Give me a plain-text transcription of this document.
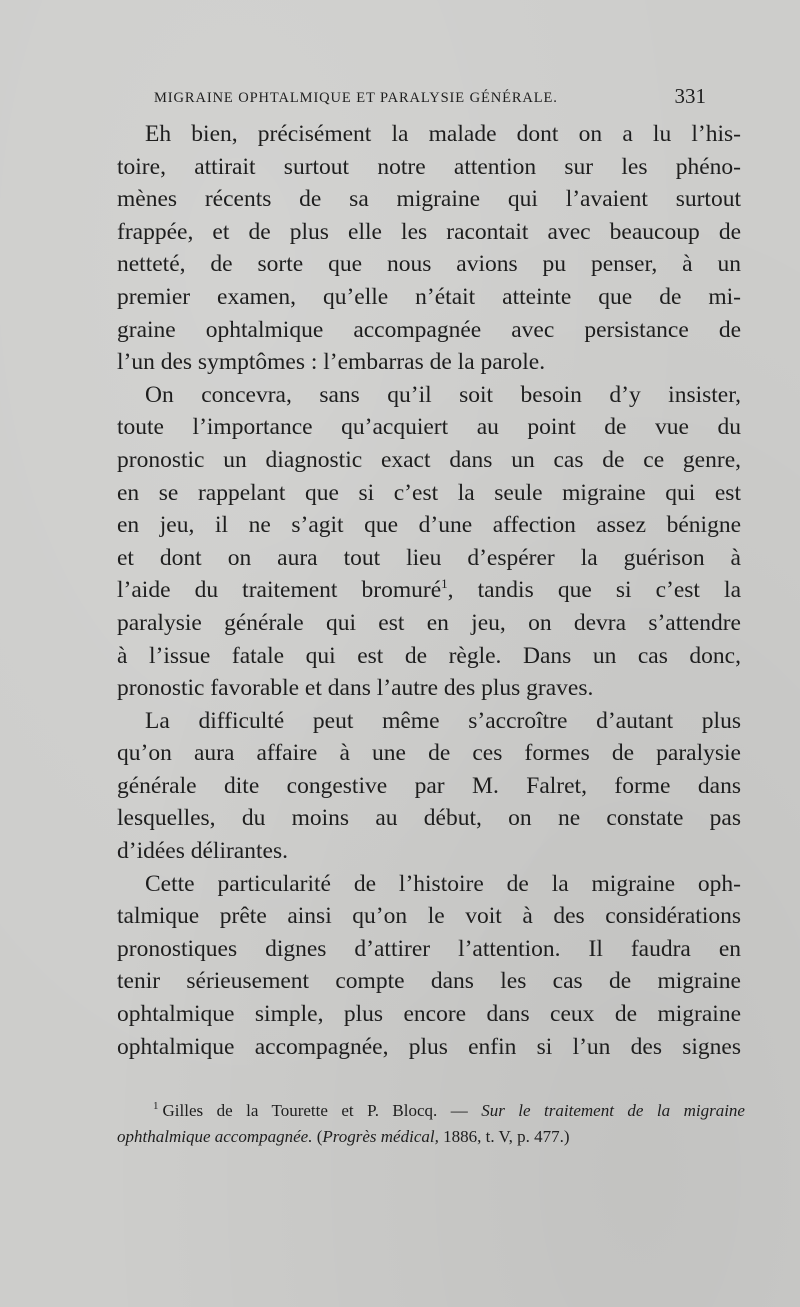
MIGRAINE OPHTALMIQUE ET PARALYSIE GÉNÉRALE.	331
Eh bien, précisément la malade dont on a lu l’his-
toire, attirait surtout notre attention sur les phéno-
mènes récents de sa migraine qui l’avaient surtout
frappée, et de plus elle les racontait avec beaucoup de
netteté, de sorte que nous avions pu penser, à un
premier examen, qu’elle n’était atteinte que de mi-
graine ophtalmique accompagnée avec persistance de
l’un des symptômes : l’embarras de la parole.
On concevra, sans qu’il soit besoin d’y insister,
toute l’importance qu’acquiert au point de vue du
pronostic un diagnostic exact dans un cas de ce genre,
en se rappelant que si c’est la seule migraine qui est
en jeu, il ne s’agit que d’une affection assez bénigne
et dont on aura tout lieu d’espérer la guérison à
l’aide du traitement bromuré$^1$, tandis que si c’est la
paralysie générale qui est en jeu, on devra s’attendre
à l’issue fatale qui est de règle. Dans un cas donc,
pronostic favorable et dans l’autre des plus graves.
La difficulté peut même s’accroître d’autant plus
qu’on aura affaire à une de ces formes de paralysie
générale dite congestive par M. Falret, forme dans
lesquelles, du moins au début, on ne constate pas
d’idées délirantes.
Cette particularité de l’histoire de la migraine oph-
talmique prête ainsi qu’on le voit à des considérations
pronostiques dignes d’attirer l’attention. Il faudra en
tenir sérieusement compte dans les cas de migraine
ophtalmique simple, plus encore dans ceux de migraine
ophtalmique accompagnée, plus enfin si l’un des signes
$^1$ Gilles de la Tourette et P. Blocq. — Sur le traitement de la migraine
ophthalmique accompagnée. (Progrès médical, 1886, t. V, p. 477.)
